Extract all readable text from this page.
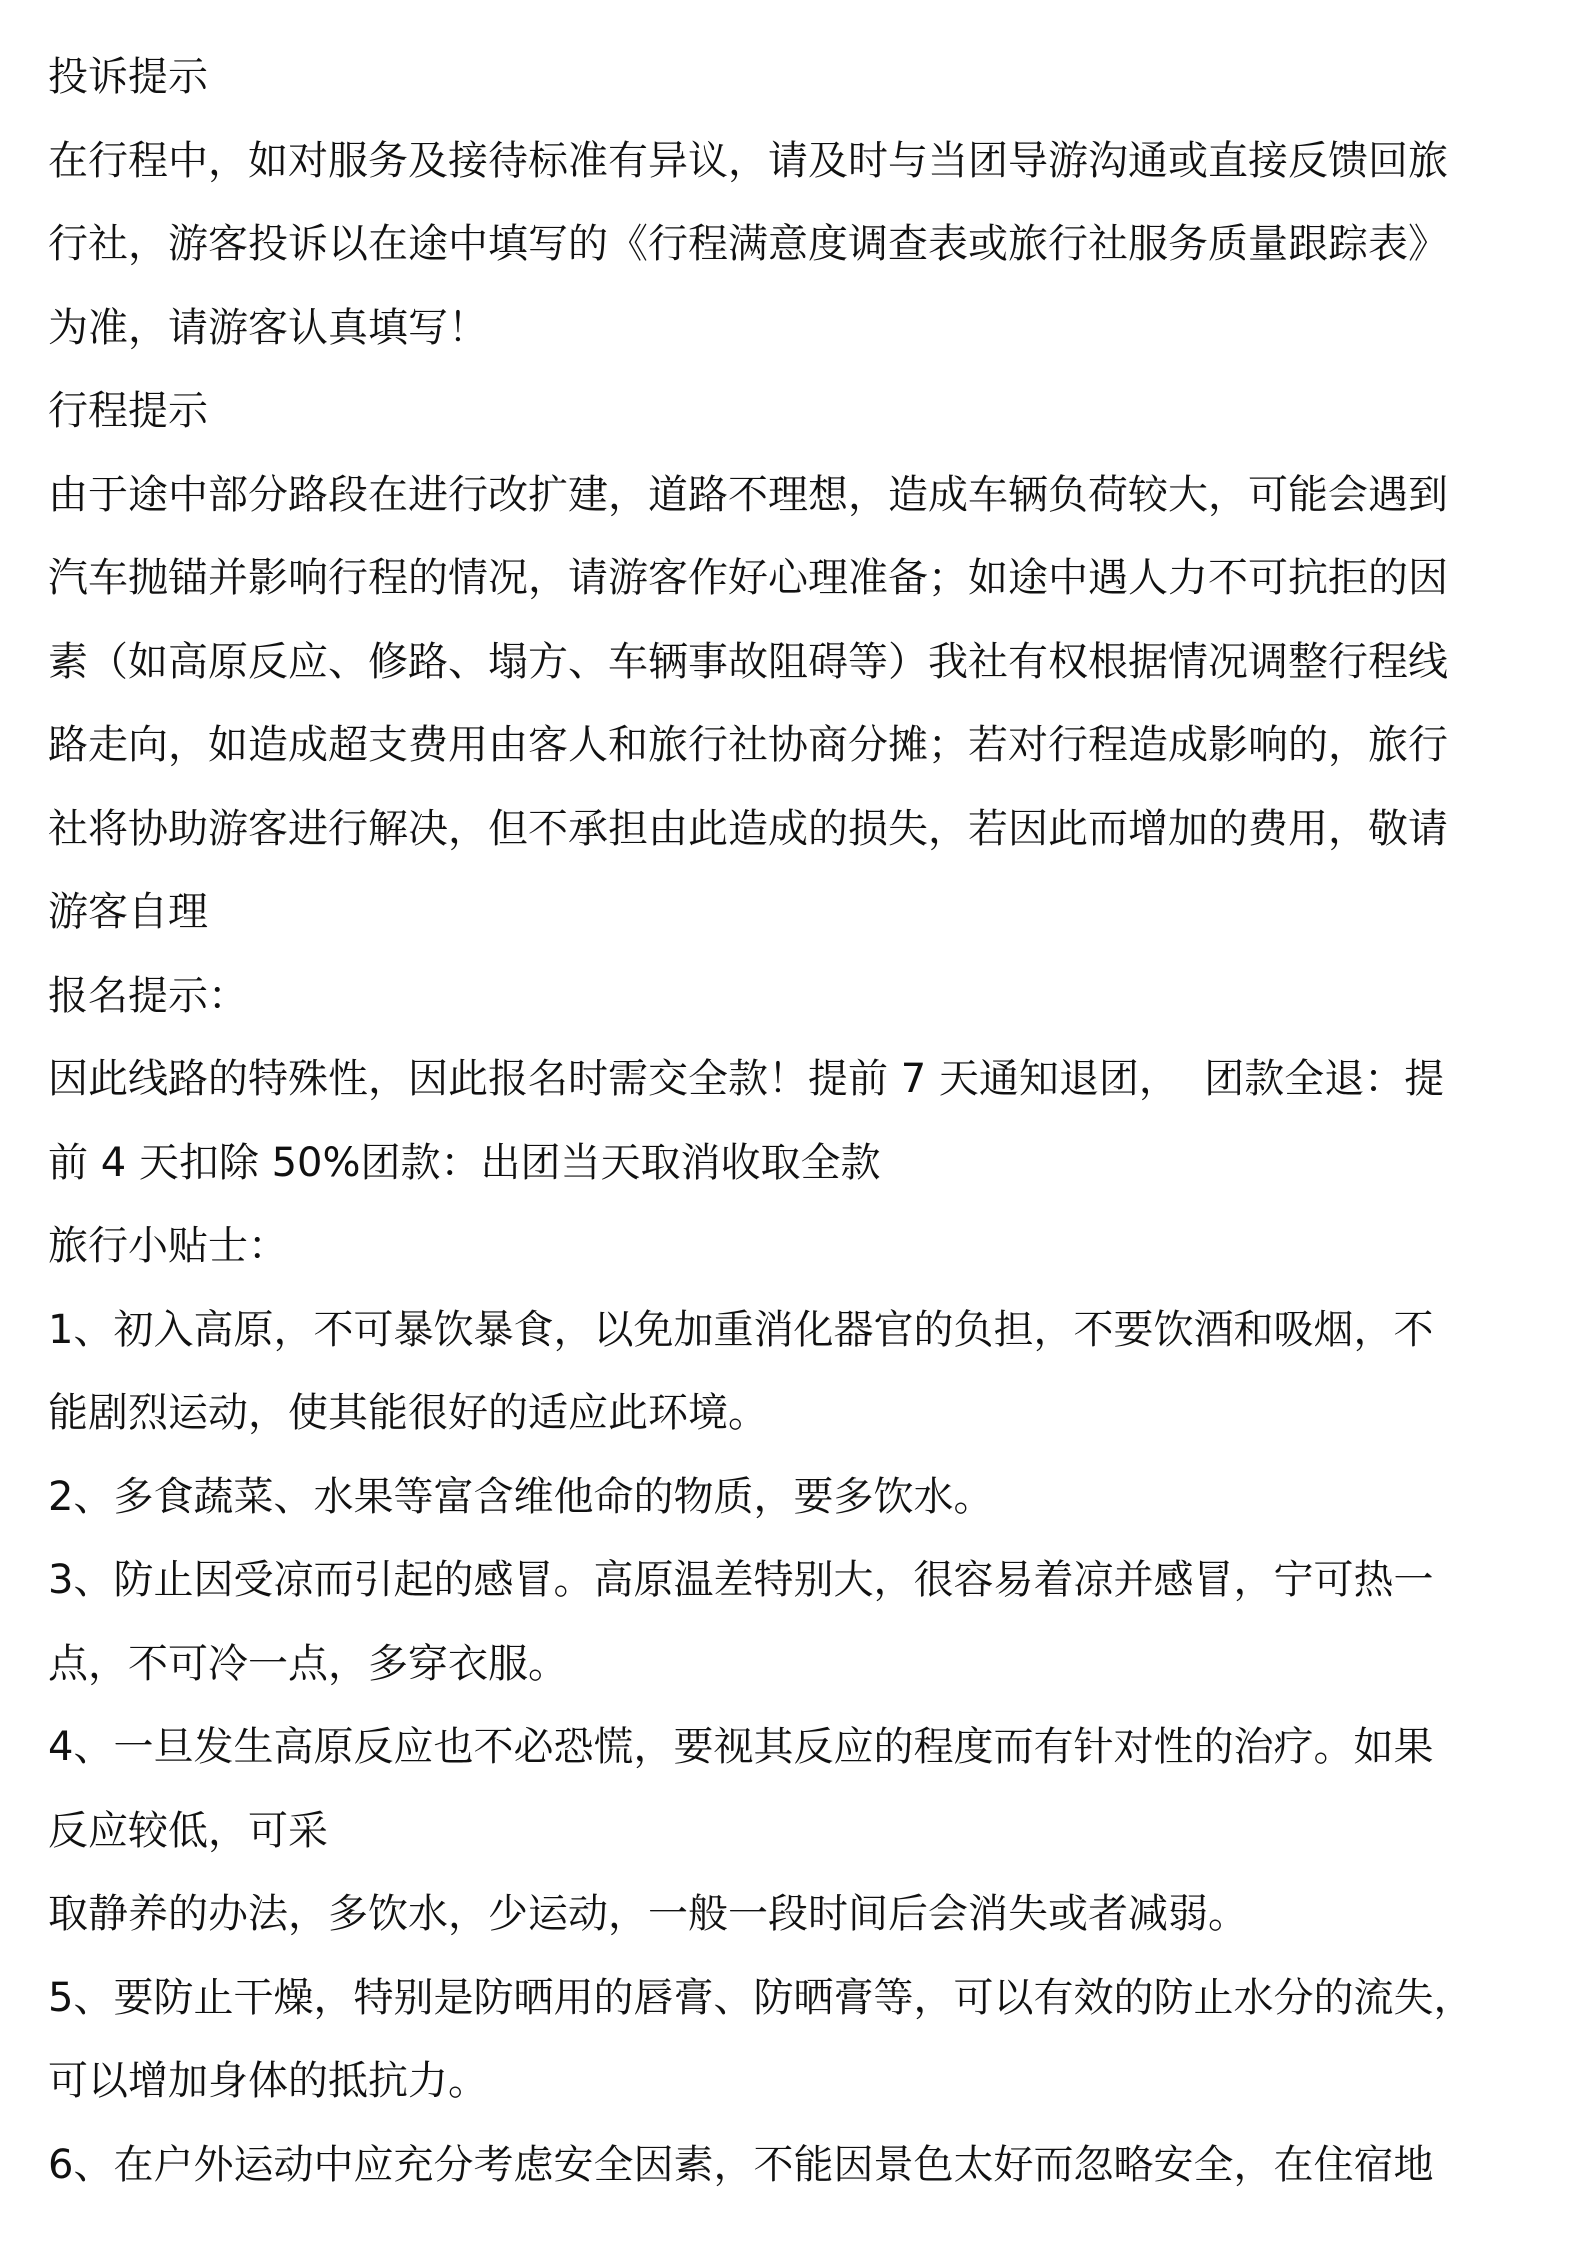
投诉提示

在行程中，如对服务及接待标准有异议，请及时与当团导游沟通或直接反馈回旅

行社，游客投诉以在途中填写的《行程满意度调查表或旅行社服务质量跟踪表》

为准，请游客认真填写！

行程提示

由于途中部分路段在进行改扩建，道路不理想，造成车辆负荷较大，可能会遇到

汽车抛锚并影响行程的情况，请游客作好心理准备；如途中遇人力不可抗拒的因

素（如高原反应、修路、塌方、车辆事故阻碍等）我社有权根据情况调整行程线

路走向，如造成超支费用由客人和旅行社协商分摊；若对行程造成影响的，旅行

社将协助游客进行解决，但不承担由此造成的损失，若因此而增加的费用，敬请

游客自理

报名提示：

因此线路的特殊性，因此报名时需交全款！提前 7 天通知退团，  团款全退：提

前 4 天扣除 50%团款：出团当天取消收取全款

旅行小贴士：

1、初入高原，不可暴饮暴食，以免加重消化器官的负担，不要饮酒和吸烟，不

能剧烈运动，使其能很好的适应此环境。

2、多食蔬菜、水果等富含维他命的物质，要多饮水。

3、防止因受凉而引起的感冒。高原温差特别大，很容易着凉并感冒，宁可热一

点，不可冷一点，多穿衣服。

4、一旦发生高原反应也不必恐慌，要视其反应的程度而有针对性的治疗。如果

反应较低，可采

取静养的办法，多饮水，少运动，一般一段时间后会消失或者减弱。

5、要防止干燥，特别是防晒用的唇膏、防晒膏等，可以有效的防止水分的流失，

可以增加身体的抵抗力。

6、在户外运动中应充分考虑安全因素，不能因景色太好而忽略安全，在住宿地
